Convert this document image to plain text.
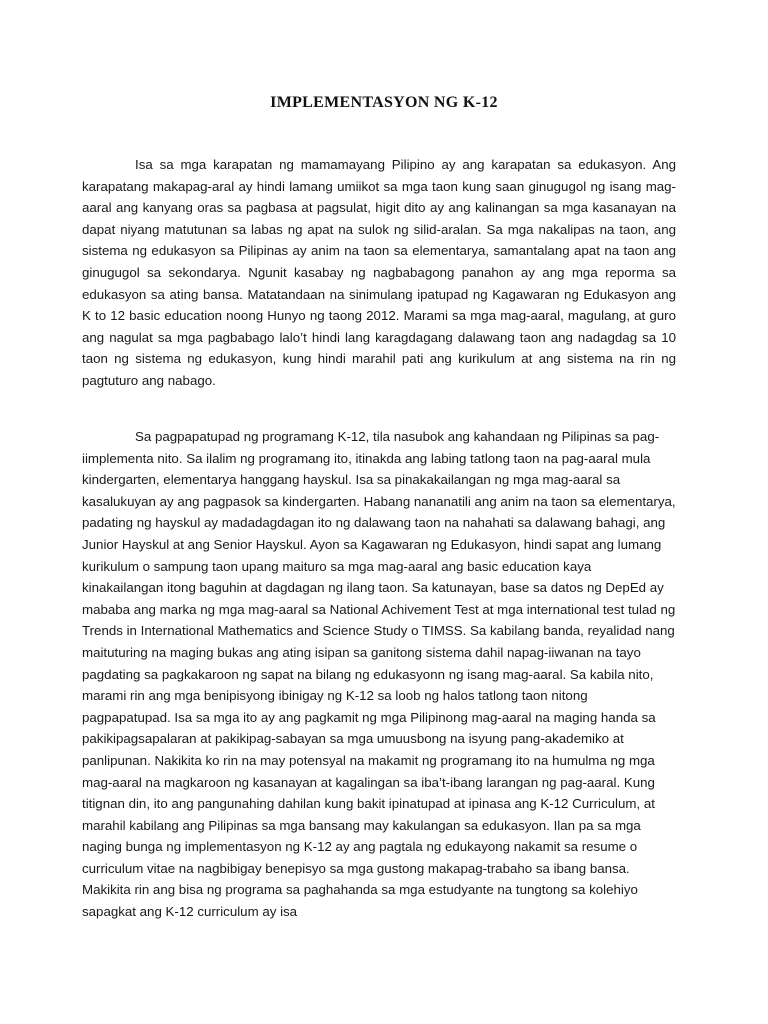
IMPLEMENTASYON NG K-12

Isa sa mga karapatan ng mamamayang Pilipino ay ang karapatan sa edukasyon. Ang karapatang makapag-aral ay hindi lamang umiikot sa mga taon kung saan ginugugol ng isang mag-aaral ang kanyang oras sa pagbasa at pagsulat, higit dito ay ang kalinangan sa mga kasanayan na dapat niyang matutunan sa labas ng apat na sulok ng silid-aralan. Sa mga nakalipas na taon, ang sistema ng edukasyon sa Pilipinas ay anim na taon sa elementarya, samantalang apat na taon ang ginugugol sa sekondarya. Ngunit kasabay ng nagbabagong panahon ay ang mga reporma sa edukasyon sa ating bansa. Matatandaan na sinimulang ipatupad ng Kagawaran ng Edukasyon ang K to 12 basic education noong Hunyo ng taong 2012. Marami sa mga mag-aaral, magulang, at guro ang nagulat sa mga pagbabago lalo’t hindi lang karagdagang dalawang taon ang nadagdag sa 10 taon ng sistema ng edukasyon, kung hindi marahil pati ang kurikulum at ang sistema na rin ng pagtuturo ang nabago.

Sa pagpapatupad ng programang K-12, tila nasubok ang kahandaan ng Pilipinas sa pag-iimplementa nito. Sa ilalim ng programang ito, itinakda ang labing tatlong taon na pag-aaral mula kindergarten, elementarya hanggang hayskul. Isa sa pinakakailangan ng mga mag-aaral sa kasalukuyan ay ang pagpasok sa kindergarten. Habang nananatili ang anim na taon sa elementarya, padating ng hayskul ay madadagdagan ito ng dalawang taon na nahahati sa dalawang bahagi, ang Junior Hayskul at ang Senior Hayskul. Ayon sa Kagawaran ng Edukasyon, hindi sapat ang lumang kurikulum o sampung taon upang maituro sa mga mag-aaral ang basic education kaya kinakailangan itong baguhin at dagdagan ng ilang taon. Sa katunayan, base sa datos ng DepEd ay mababa ang marka ng mga mag-aaral sa National Achivement Test at mga international test tulad ng Trends in International Mathematics and Science Study o TIMSS. Sa kabilang banda, reyalidad nang maituturing na maging bukas ang ating isipan sa ganitong sistema dahil napag-iiwanan na tayo pagdating sa pagkakaroon ng sapat na bilang ng edukasyonn ng isang mag-aaral. Sa kabila nito, marami rin ang mga benipisyong ibinigay ng K-12 sa loob ng halos tatlong taon nitong pagpapatupad. Isa sa mga ito ay ang pagkamit ng mga Pilipinong mag-aaral na maging handa sa pakikipagsapalaran at pakikipag-sabayan sa mga umuusbong na isyung pang-akademiko at panlipunan. Nakikita ko rin na may potensyal na makamit ng programang ito na humulma ng mga mag-aaral na magkaroon ng kasanayan at kagalingan sa iba’t-ibang larangan ng pag-aaral. Kung titignan din, ito ang pangunahing dahilan kung bakit ipinatupad at ipinasa ang K-12 Curriculum, at marahil kabilang ang Pilipinas sa mga bansang may kakulangan sa edukasyon. Ilan pa sa mga naging bunga ng implementasyon ng K-12 ay ang pagtala ng edukayong nakamit sa resume o curriculum vitae na nagbibigay benepisyo sa mga gustong makapag-trabaho sa ibang bansa. Makikita rin ang bisa ng programa sa paghahanda sa mga estudyante na tungtong sa kolehiyo sapagkat ang K-12 curriculum ay isa
